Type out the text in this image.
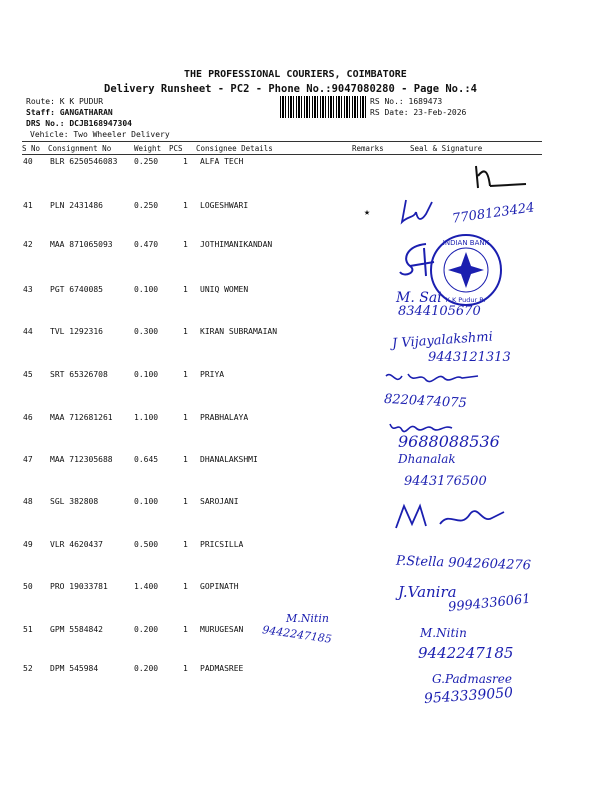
THE PROFESSIONAL COURIERS, COIMBATORE
Delivery Runsheet - PC2 - Phone No.:9047080280 - Page No.:4
Route: K K PUDUR
Staff: GANGATHARAN
DRS No.: DCJB168947304
Vehicle: Two Wheeler Delivery
RS No.: 1689473
RS Date: 23-Feb-2026
S No Consignment No	Weight PCS Consignee Details	Remarks	Seal & Signature
40 BLR 6250546083 0.250	1 ALFA TECH
41 PLN 2431486	0.250	1 LOGESHWARI
42 MAA 871065093	0.470	1 JOTHIMANIKANDAN
43 PGT 6740085	0.100	1 UNIQ WOMEN
44 TVL 1292316	0.300	1 KIRAN SUBRAMAIAN
45 SRT 65326708	0.100	1 PRIYA
46 MAA 712681261	1.100	1 PRABHALAYA
47 MAA 712305688	0.645	1 DHANALAKSHMI
48 SGL 382808	0.100	1 SAROJANI
49 VLR 4620437	0.500	1 PRICSILLA
50 PRO 19033781	1.400	1 GOPINATH
51 GPM 5584842	0.200	1 MURUGESAN
52 DPM 545984	0.200	1 PADMASREE
★	7708123424
INDIAN BANK
K K Pudur Br
M. Sai
8344105670
J Vijayalakshmi
9443121313
8220474075
9688088536
Dhanalak
9443176500
P.Stella 9042604276
J.Vanira
9994336061
M.Nitin
9442247185	M.Nitin
9442247185
G.Padmasree
9543339050
